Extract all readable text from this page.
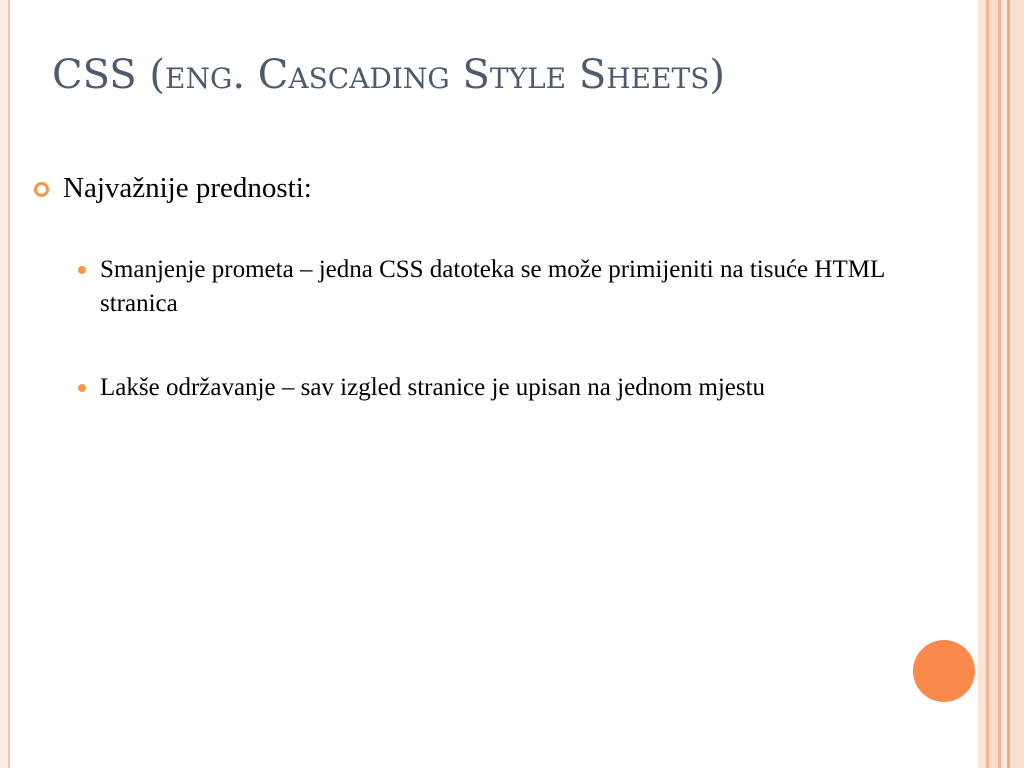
CSS (eng. Cascading Style Sheets)
Najvažnije prednosti:
Smanjenje prometa – jedna CSS datoteka se može primijeniti na tisuće HTML stranica
Lakše održavanje – sav izgled stranice je upisan na jednom mjestu
